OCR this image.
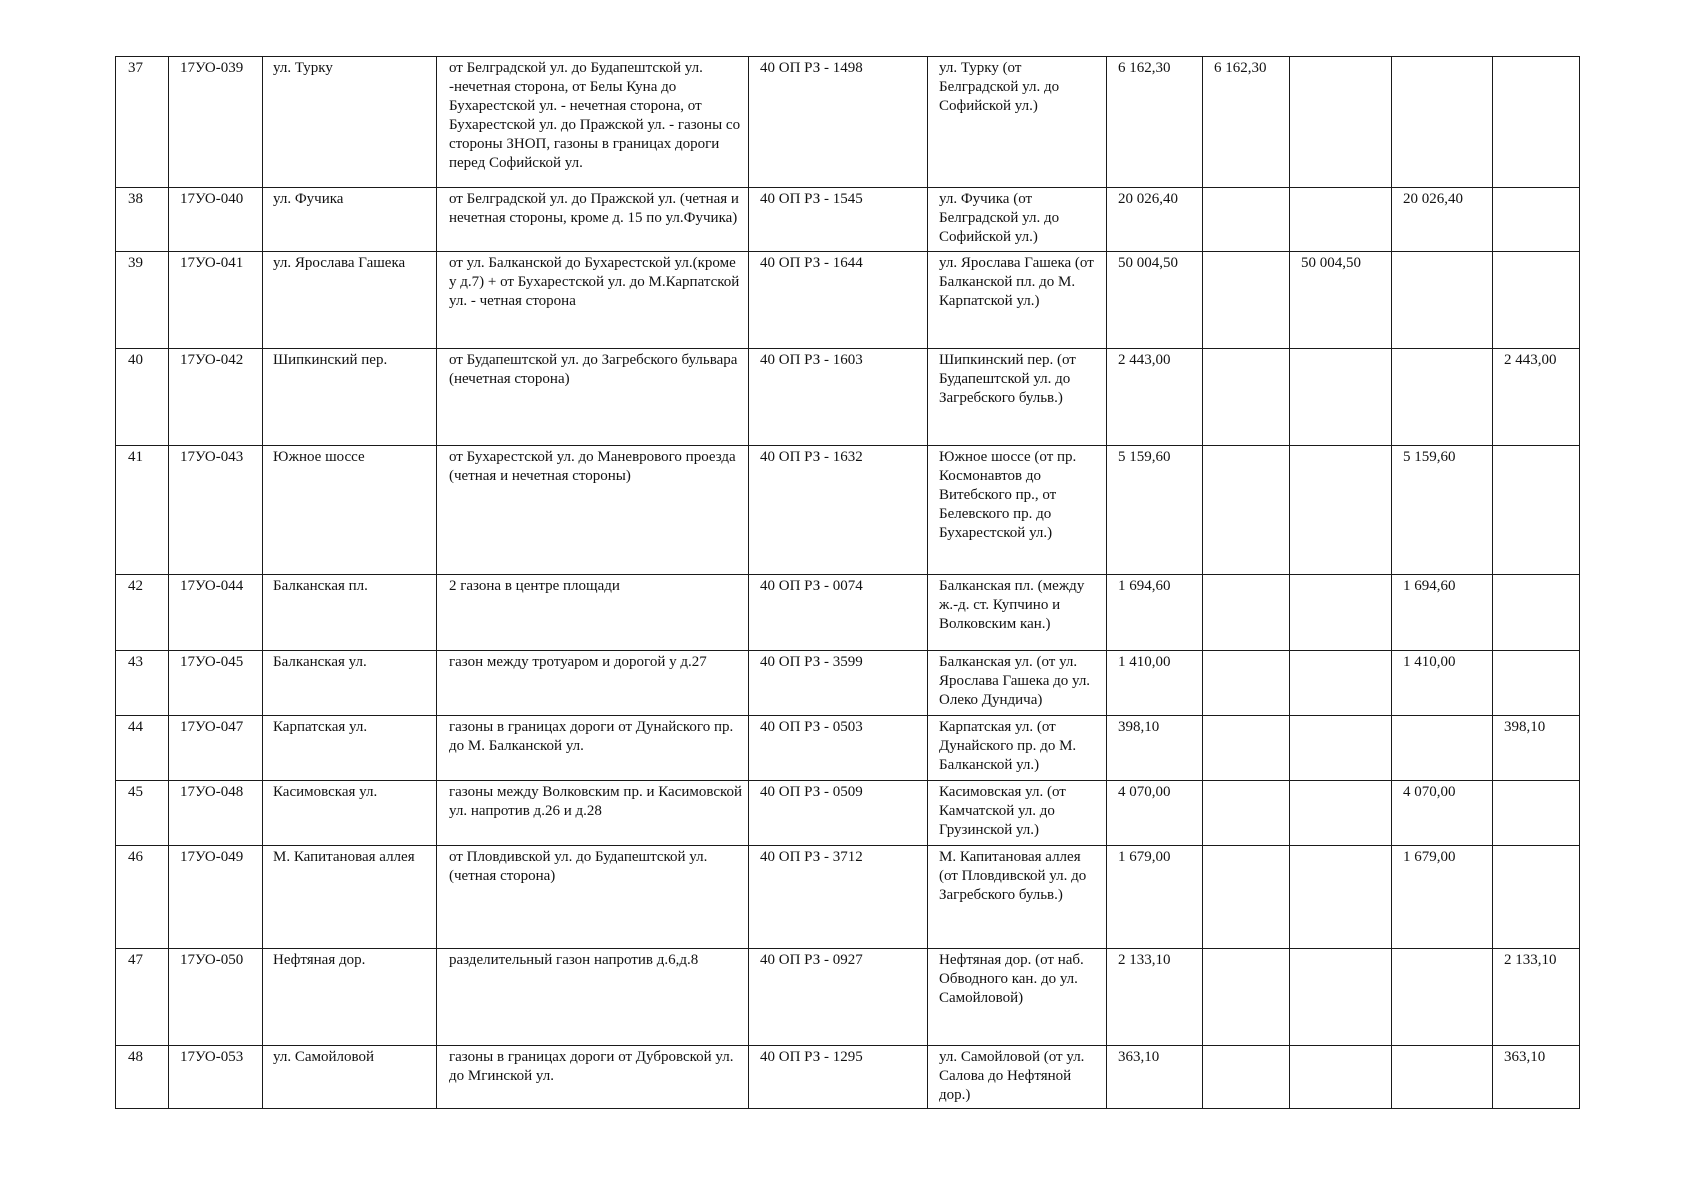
37	17УО-039	ул. Турку	от Белградской ул. до Будапештской ул. -нечетная сторона, от Белы Куна до Бухарестской ул. - нечетная сторона, от Бухарестской ул. до Пражской ул. - газоны со стороны ЗНОП, газоны в границах дороги перед Софийской ул.	40 ОП РЗ - 1498	ул. Турку (от Белградской ул. до Софийской ул.)	6 162,30	6 162,30			
38	17УО-040	ул. Фучика	от Белградской ул. до Пражской ул. (четная и нечетная стороны, кроме д. 15 по ул.Фучика)	40 ОП РЗ - 1545	ул. Фучика (от Белградской ул. до Софийской ул.)	20 026,40			20 026,40	
39	17УО-041	ул. Ярослава Гашека	от ул. Балканской до Бухарестской ул.(кроме у д.7) + от Бухарестской ул. до М.Карпатской ул. - четная сторона	40 ОП РЗ - 1644	ул. Ярослава Гашека (от Балканской пл. до М. Карпатской ул.)	50 004,50		50 004,50		
40	17УО-042	Шипкинский пер.	от Будапештской ул. до Загребского бульвара (нечетная сторона)	40 ОП РЗ - 1603	Шипкинский пер. (от Будапештской ул. до Загребского бульв.)	2 443,00				2 443,00
41	17УО-043	Южное шоссе	от Бухарестской ул. до Маневрового проезда (четная и нечетная стороны)	40 ОП РЗ - 1632	Южное шоссе (от пр. Космонавтов до Витебского пр., от Белевского пр. до Бухарестской ул.)	5 159,60			5 159,60	
42	17УО-044	Балканская пл.	2 газона в центре площади	40 ОП РЗ - 0074	Балканская пл. (между ж.-д. ст. Купчино и Волковским кан.)	1 694,60			1 694,60	
43	17УО-045	Балканская ул.	газон между тротуаром и дорогой у д.27	40 ОП РЗ - 3599	Балканская ул. (от ул. Ярослава Гашека до ул. Олеко Дундича)	1 410,00			1 410,00	
44	17УО-047	Карпатская ул.	газоны в границах дороги от Дунайского пр. до М. Балканской ул.	40 ОП РЗ - 0503	Карпатская ул. (от Дунайского пр. до М. Балканской ул.)	398,10				398,10
45	17УО-048	Касимовская ул.	газоны между Волковским пр. и Касимовской ул. напротив д.26 и д.28	40 ОП РЗ - 0509	Касимовская ул. (от Камчатской ул. до Грузинской ул.)	4 070,00			4 070,00	
46	17УО-049	М. Капитановая аллея	от Пловдивской ул. до Будапештской ул. (четная сторона)	40 ОП РЗ - 3712	М. Капитановая аллея (от Пловдивской ул. до Загребского бульв.)	1 679,00			1 679,00	
47	17УО-050	Нефтяная дор.	разделительный газон напротив д.6,д.8	40 ОП РЗ - 0927	Нефтяная дор. (от наб. Обводного кан. до ул. Самойловой)	2 133,10				2 133,10
48	17УО-053	ул. Самойловой	газоны в границах дороги от Дубровской ул. до Мгинской ул.	40 ОП РЗ - 1295	ул. Самойловой (от ул. Салова до Нефтяной дор.)	363,10				363,10
